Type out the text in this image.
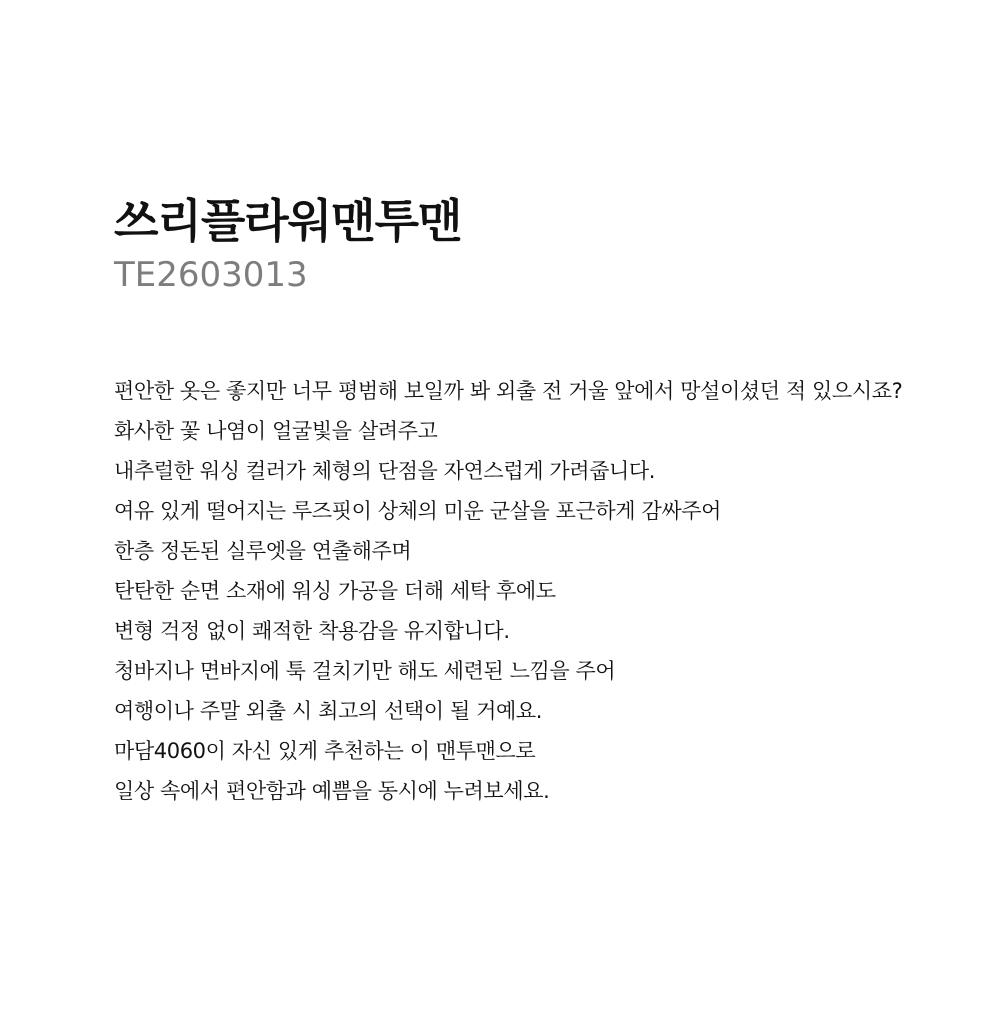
쓰리플라워맨투맨
TE2603013
편안한 옷은 좋지만 너무 평범해 보일까 봐 외출 전 거울 앞에서 망설이셨던 적 있으시죠?
화사한 꽃 나염이 얼굴빛을 살려주고
내추럴한 워싱 컬러가 체형의 단점을 자연스럽게 가려줍니다.
여유 있게 떨어지는 루즈핏이 상체의 미운 군살을 포근하게 감싸주어
한층 정돈된 실루엣을 연출해주며
탄탄한 순면 소재에 워싱 가공을 더해 세탁 후에도
변형 걱정 없이 쾌적한 착용감을 유지합니다.
청바지나 면바지에 툭 걸치기만 해도 세련된 느낌을 주어
여행이나 주말 외출 시 최고의 선택이 될 거예요.
마담4060이 자신 있게 추천하는 이 맨투맨으로
일상 속에서 편안함과 예쁨을 동시에 누려보세요.
